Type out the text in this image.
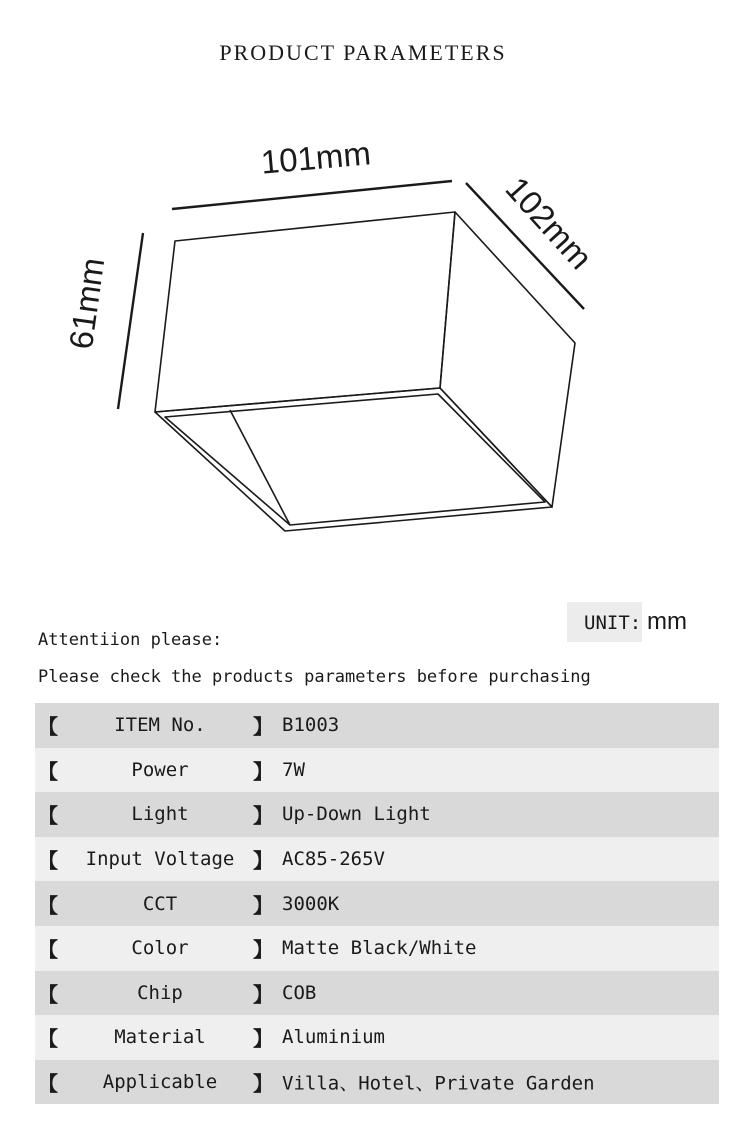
PRODUCT PARAMETERS
101mm
102mm
61mm
UNIT: mm
Attentiion please:
Please check the products parameters before purchasing
【	ITEM No.	】 B1003
【	Power	】 7W
【	Light	】 Up-Down Light
【	Input Voltage 】 AC85-265V
【	CCT	】 3000K
【	Color	】 Matte Black/White
【	Chip	】 COB
【	Material	】 Aluminium
【	Applicable	】 Villa、Hotel、Private Garden
